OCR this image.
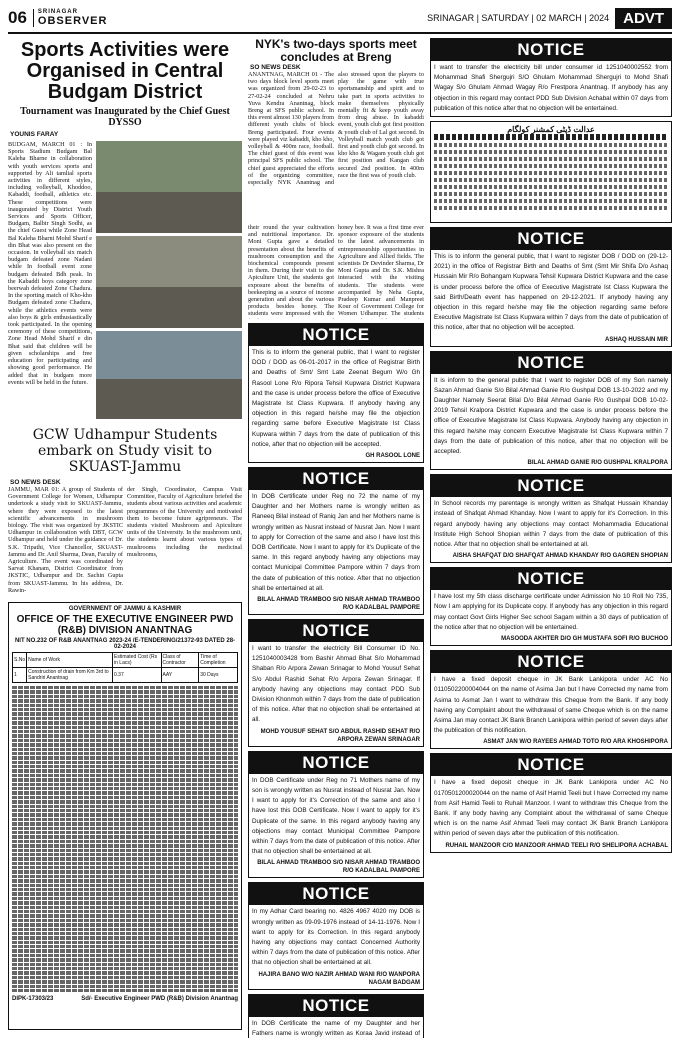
06 SRINAGAR
OBSERVER	SRINAGAR | SATURDAY | 02 MARCH | 2024 ADVT
Sports Activities were Organised in Central Budgam District
Tournament was Inaugurated by the Chief Guest DYSSO
YOUNIS FARAY
BUDGAM, MARCH 01 : In Sports Stadium Budgam Bal Kaleha Bharne in collaboration with youth services sports and supported by Ali tamlial sports activities in different styles, including volleyball, Khoddoo, Kabaddi, football, athletics etc. These competitions were inaugurated by District Youth Services and Sports Officer, Budgam, Balbir Singh Sodhi, as the chief Guest while Zone Head Bal Kaleha Bharni Mohd Sharif e din Bhat was also present on the occasion. In volleyball six match budgam defeated zone Nadani while In football event zone budgam defeated Bdh peak. In the Kabaddi boys category zone beerwah defeated Zone Chadura. In the sporting match of Kho-kho Budgam defeated zone Chadura, while the athletics events were also boys & girls enthusiastically took participated. In the opening ceremony of these competitions, Zone Head Mohd Sharif e din Bhat said that children will be given scholarships and free education for participating and showing good performance. He added that in budgam more events will be held in the future.
GCW Udhampur Students embark on Study visit to SKUAST-Jammu
SO NEWS DESK
JAMMU, MAR 01: A group of Students of Government College for Women, Udhampur undertook a study visit to SKUAST-Jammu, where they were exposed to the latest scientific advancements in mushroom biology. The visit was organized by JKSTIC Udhampur in collaboration with DBT, GCW Udhampur and held under the guidance of Dr. S.K. Tripathi, Vice Chancellor, SKUAST-Jammu and Dr. Anil Sharma, Dean, Faculty of Agriculture. The event was coordinated by Sarvat Khanam, District Coordinator from JKSTIC, Udhampur and Dr. Sachin Gupta from SKUAST-Jammu. In his address, Dr. Rawin-
der Singh, Coordinator, Campus Visit Committee, Faculty of Agriculture briefed the students about various activities and academic programmes of the University and motivated them to become future agripreneurs. The students visited Mushroom and Apiculture units of the University. In the mushroom unit, the students learnt about various types of mushrooms including the medicinal mushrooms,
GOVERNMENT OF JAMMU & KASHMIR
OFFICE OF THE EXECUTIVE ENGINEER PWD (R&B) DIVISION ANANTNAG
NIT NO.232 OF R&B ANANTNAG 2023-24 /E-TENDERING/21372-93 DATED 28-02-2024
S.No	Name of Work	Estimated Cost (Rs in Lacs)	Class of Contractor	Time of Completion
1	Construction of drain from Km 3rd to Sandriri Anantnag	0.37	AAY	30 Days
DIPK-17303/23	Sd/- Executive Engineer PWD (R&B) Division Anantnag
NYK's two-days sports meet concludes at Breng
SO NEWS DESK
ANANTNAG, MARCH 01 - The two days block level sports meet was organized from 29-02-23 to 27-02-24 concluded at Nehru Yuva Kendra Anantnag, block Breng at SFS public school. In this event almost 130 players from different youth clubs of block Breng participated. Four events were played viz kabaddi, kho kho, volleyball & 400m race, football. The chief guest of this event was principal SFS public school. The chief guest appreciated the efforts of the organizing committee, especially NYK Anantnag and also stressed upon the players to play the game with true sportsmanship and spirit and to take part in sports activities to make themselves physically mentally fit & keep youth away from drug abuse. In kabaddi event, youth club got first position & youth club of Lal got second. In Volleyball match youth club got first and youth club got second. In kho kho & Wagam youth club got first position and Kangan club secured 2nd position. In 400m race the first was of youth club.
their round the year cultivation and nutritional importance. Dr. Moni Gupta gave a detailed presentation about the benefits of mushroom consumption and the biochemical compounds present in them. During their visit to the Apiculture Unit, the students got exposure about the benefits of beekeeping as a source of income generation and about the various products besides honey. The students were impressed with the
honey bee. It was a first time ever sponsor exposure of the students to the latest advancements in entrepreneurship opportunities in Agriculture and Allied fields. The scientists Dr Devinder Sharma, Dr Moni Gupta and Dr. S.K. Mishra interacted with the visiting students. The students were accompanied by Neha Gupta, Pradeep Kumar and Manpreet Kour of Government College for Women Udhampur. The students
NOTICE
This is to inform the general public, that I want to register DOD / DOD as 06-01-2017 in the office of Registrar Birth and Deaths of Smt/ Smt Late Zeenat Begum W/o Gh Rasool Lone R/o Ripora Tehsil Kupwara District Kupwara and the case is under process before the office of Executive Magistrate Ist Class Kupwara. If anybody having any objection in this regard he/she may file the objection regarding same before Executive Magistrate Ist Class Kupwara within 7 days from the date of publication of this notice, after that no objection will be accepted.
GH RASOOL LONE
NOTICE
In DOB Certificate under Reg no 72 the name of my Daughter and her Mothers name is wrongly written as Raneeq Bilal instead of Raniq Jan and her Mothers name is wrongly written as Nusrat instead of Nusrat Jan. Now I want to apply for Correction of the same and also I have lost this DOB Certificate. Now I want to apply for it's Duplicate of the same. In this regard anybody having any objections may contact Municipal Committee Pampore within 7 days from the date of publication of this notice. After that no objection shall be entertained at all.
BILAL AHMAD TRAMBOO S/O NISAR AHMAD TRAMBOO R/O KADALBAL PAMPORE
NOTICE
I want to transfer the electricity Bill Consumer ID No. 1251040003428 from Bashir Ahmad Bhat S/o Mohammad Shaban R/o Arpora Zewan Srinagar to Mohd Yousuf Sehat S/o Abdul Rashid Sehat R/o Arpora Zewan Srinagar. If anybody having any objections may contact PDD Sub Division Khonmoh within 7 days from the date of publication of this notice. After that no objection shall be entertained at all.
MOHD YOUSUF SEHAT S/O ABDUL RASHID SEHAT R/O ARPORA ZEWAN SRINAGAR
NOTICE
In DOB Certificate under Reg no 71 Mothers name of my son is wrongly written as Nusrat instead of Nusrat Jan. Now I want to apply for it's Correction of the same and also I have lost this DOB Certificate. Now I want to apply for it's Duplicate of the same. In this regard anybody having any objections may contact Municipal Committee Pampore within 7 days from the date of publication of this notice. After that no objection shall be entertained at all.
BILAL AHMAD TRAMBOO S/O NISAR AHMAD TRAMBOO R/O KADALBAL PAMPORE
NOTICE
In my Adhar Card bearing no. 4826 4967 4020 my DOB is wrongly written as 09-09-1976 instead of 14-11-1976. Now I want to apply for its Correction. In this regard anybody having any objections may contact Concerned Authority within 7 days from the date of publication of this notice. After that no objection shall be entertained at all.
HAJIRA BANO W/O NAZIR AHMAD WANI R/O WANPORA NAGAM BADGAM
NOTICE
In DOB Certificate the name of my Daughter and her Fathers name is wrongly written as Koraa Javid instead of
NOTICE
I want to transfer the electricity bill under consumer id 1251040002552 from Mohammad Shafi Shergujri S/O Ghulam Mohammad Shergujri to Mohd Shafi Wagay S/o Ghulam Ahmad Wagay R/o Frestpora Anantnag. If anybody has any objection in this regard may contact PDD Sub Division Achabal within 07 days from publication of this notice after that no objection will be entertained.
عدالت ڈپٹی کمشنر کولگام
NOTICE
This is to inform the general public, that I want to register DOB / DOD on (29-12-2021) in the office of Registrar Birth and Deaths of Smt (Smt Mir Shifa D/o Ashaq Hussain Mir R/o Bohangam Kupwara Tehsil Kupwara District Kupwara and the case is under process before the office of Executive Magistrate Ist Class Kupwara the said Birth/Death event has happened on 29-12-2021. If anybody having any objection in this regard he/she may file the objection regarding same before Executive Magistrate Ist Class Kupwara within 7 days from the date of publication of this notice, after that no objection will be accepted.
ASHAQ HUSSAIN MIR
NOTICE
It is inform to the general public that I want to register DOB of my Son namely Sazan Ahmad Ganie S/o Bilal Ahmad Ganie R/o Gushpal DOB 13-10-2022 and my Daughter Namely Seerat Bilal D/o Bilal Ahmad Ganie R/o Gushpal DOB 10-02-2019 Tehsil Kralpora District Kupwara and the case is under process before the office of Executive Magistrate Ist Class Kupwara. Anybody having any objection in this regard he/she may concern Executive Magistrate Ist Class Kupwara within 7 days from the date of publication of this notice, after that no objection will be accepted.
BILAL AHMAD GANIE R/O GUSHPAL KRALPORA
NOTICE
In School records my parentage is wrongly written as Shafqat Hussain Khanday instead of Shafqat Ahmad Khanday. Now I want to apply for it's Correction. In this regard anybody having any objections may contact Mohammadia Educational Institute High School Shopian within 7 days from the date of publication of this notice. After that no objection shall be entertained at all.
AISHA SHAFQAT D/O SHAFQAT AHMAD KHANDAY R/O GAGREN SHOPIAN
NOTICE
I have lost my 5th class discharge certificate under Admission No 10 Roll No 735, Now I am applying for its Duplicate copy. If anybody has any objection in this regard may contact Govt Girls Higher Sec school Sagam within a 30 days of publication of the notice after that no objection will be entertained.
MASOODA AKHTER D/O GH MUSTAFA SOFI R/O BUCHOO
NOTICE
I have a fixed deposit cheque in JK Bank Lankipora under AC No 0110502200004044 on the name of Asima Jan but I have Corrected my name from Asima to Asmat Jan I want to withdraw this Cheque from the Bank. If any body having any Complaint about the withdrawal of same Cheque which is on the name Asima Jan may contact JK Bank Branch Lankipora within period of seven days after the publication of this notification.
ASMAT JAN W/O RAYEES AHMAD TOTO R/O ARA KHOSHIPORA
NOTICE
I have a fixed deposit cheque in JK Bank Lankipora under AC No 0170501200020044 on the name of Asif Hamid Teeli but I have Corrected my name from Asif Hamid Teeli to Ruhail Manzoor. I want to withdraw this Cheque from the Bank. If any body having any Complaint about the withdrawal of same Cheque which is on the name Asif Ahmad Teeli may contact JK Bank Branch Lankipora within period of seven days after the publication of this notification.
RUHAIL MANZOOR C/O MANZOOR AHMAD TEELI R/O SHELIPORA ACHABAL
